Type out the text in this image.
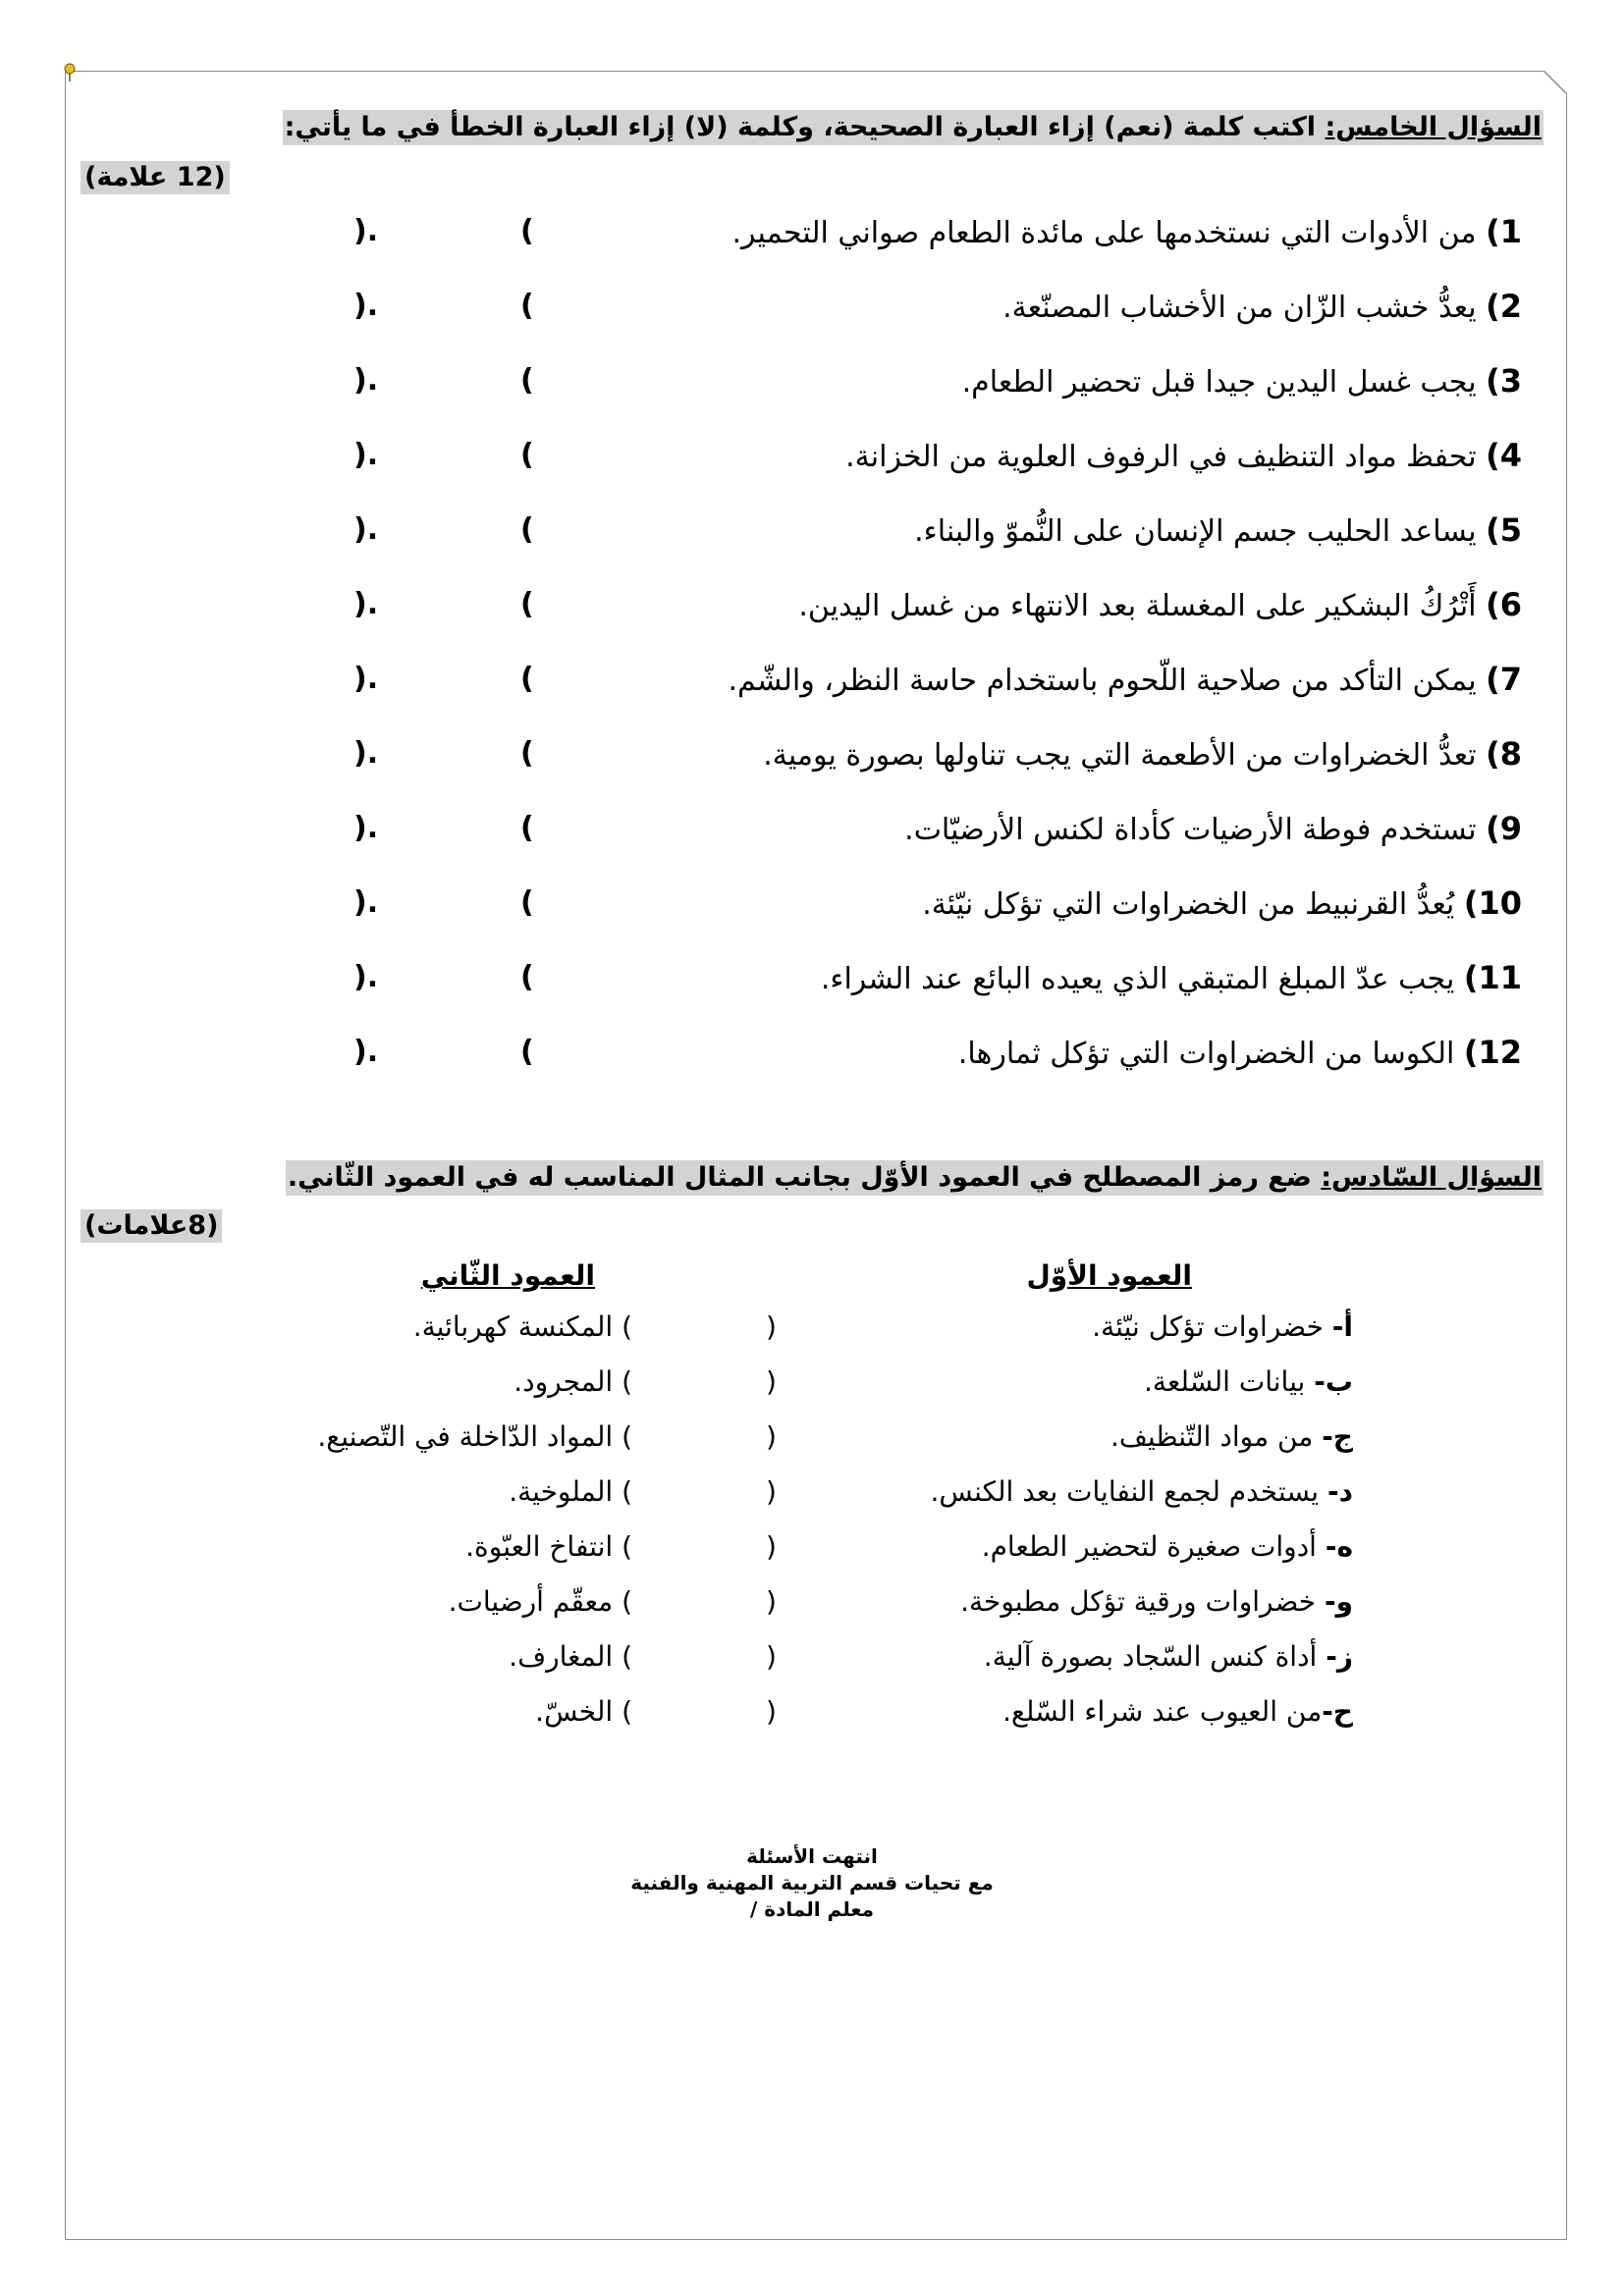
السؤال الخامس: اكتب كلمة (نعم) إزاء العبارة الصحيحة، وكلمة (لا) إزاء العبارة الخطأ في ما يأتي:
(12 علامة)
1) من الأدوات التي نستخدمها على مائدة الطعام صواني التحمير.
(
).
2) يعدُّ خشب الزّان من الأخشاب المصنّعة.
(
).
3) يجب غسل اليدين جيدا قبل تحضير الطعام.
(
).
4) تحفظ مواد التنظيف في الرفوف العلوية من الخزانة.
(
).
5) يساعد الحليب جسم الإنسان على النُّموّ والبناء.
(
).
6) أَتْرُكُ البشكير على المغسلة بعد الانتهاء من غسل اليدين.
(
).
7) يمكن التأكد من صلاحية اللّحوم باستخدام حاسة النظر، والشّم.
(
).
8) تعدُّ الخضراوات من الأطعمة التي يجب تناولها بصورة يومية.
(
).
9) تستخدم فوطة الأرضيات كأداة لكنس الأرضيّات.
(
).
10) يُعدُّ القرنبيط من الخضراوات التي تؤكل نيّئة.
(
).
11) يجب عدّ المبلغ المتبقي الذي يعيده البائع عند الشراء.
(
).
12) الكوسا من الخضراوات التي تؤكل ثمارها.
(
).
السؤال السّادس: ضع رمز المصطلح في العمود الأوّل بجانب المثال المناسب له في العمود الثّاني.
(8علامات)
العمود الأوّل
العمود الثّاني
أ- خضراوات تؤكل نيّئة.
(
) المكنسة كهربائية.
ب- بيانات السّلعة.
(
) المجرود.
ج- من مواد التّنظيف.
(
) المواد الدّاخلة في التّصنيع.
د- يستخدم لجمع النفايات بعد الكنس.
(
) الملوخية.
ه- أدوات صغيرة لتحضير الطعام.
(
) انتفاخ العبّوة.
و- خضراوات ورقية تؤكل مطبوخة.
(
) معقّم أرضيات.
ز- أداة كنس السّجاد بصورة آلية.
(
) المغارف.
ح-من العيوب عند شراء السّلع.
(
) الخسّ.
انتهت الأسئلة
مع تحيات قسم التربية المهنية والفنية
معلم المادة /
